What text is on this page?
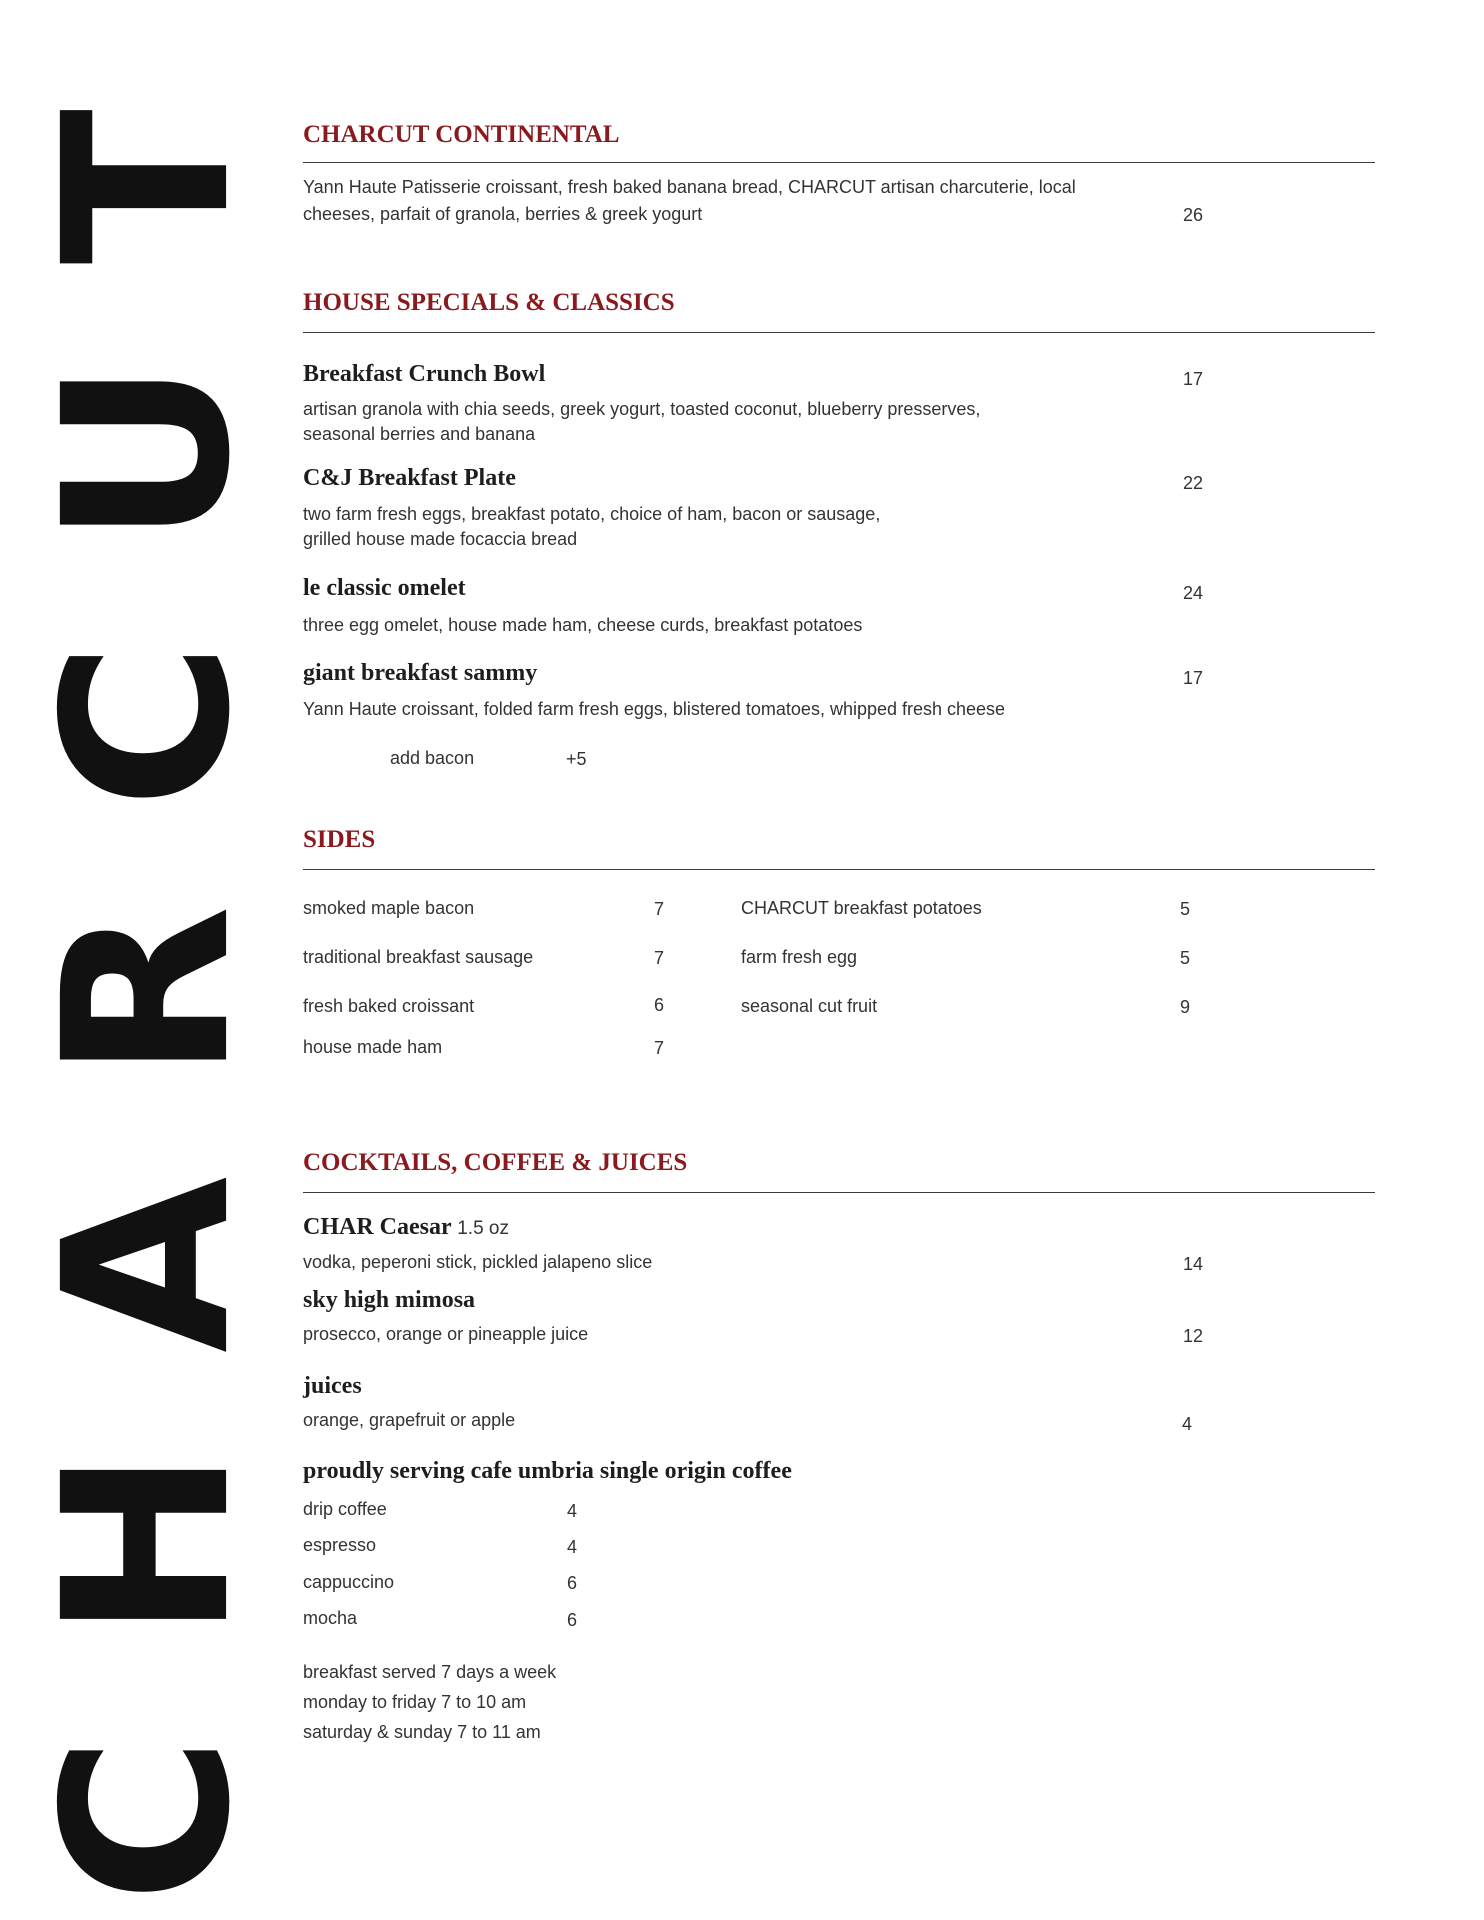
CHARCUT CHARCUT CONTINENTAL
Yann Haute Patisserie croissant, fresh baked banana bread, CHARCUT artisan charcuterie, local
cheeses, parfait of granola, berries & greek yogurt	26
HOUSE SPECIALS & CLASSICS
Breakfast Crunch Bowl	17
artisan granola with chia seeds, greek yogurt, toasted coconut, blueberry presserves,
seasonal berries and banana
C&J Breakfast Plate	22
two farm fresh eggs, breakfast potato, choice of ham, bacon or sausage,
grilled house made focaccia bread
le classic omelet	24
three egg omelet, house made ham, cheese curds, breakfast potatoes
giant breakfast sammy	17
Yann Haute croissant, folded farm fresh eggs, blistered tomatoes, whipped fresh cheese
add bacon	+5
SIDES
smoked maple bacon	7
traditional breakfast sausage	7
fresh baked croissant	6
house made ham	7
CHARCUT breakfast potatoes	5
farm fresh egg	5
seasonal cut fruit	9
COCKTAILS, COFFEE & JUICES
CHAR Caesar 1.5 oz
vodka, peperoni stick, pickled jalapeno slice	14
sky high mimosa
prosecco, orange or pineapple juice	12
juices
orange, grapefruit or apple	4
proudly serving cafe umbria single origin coffee
drip coffee	4
espresso	4
cappuccino	6
mocha	6
breakfast served 7 days a week
monday to friday 7 to 10 am
saturday & sunday 7 to 11 am
